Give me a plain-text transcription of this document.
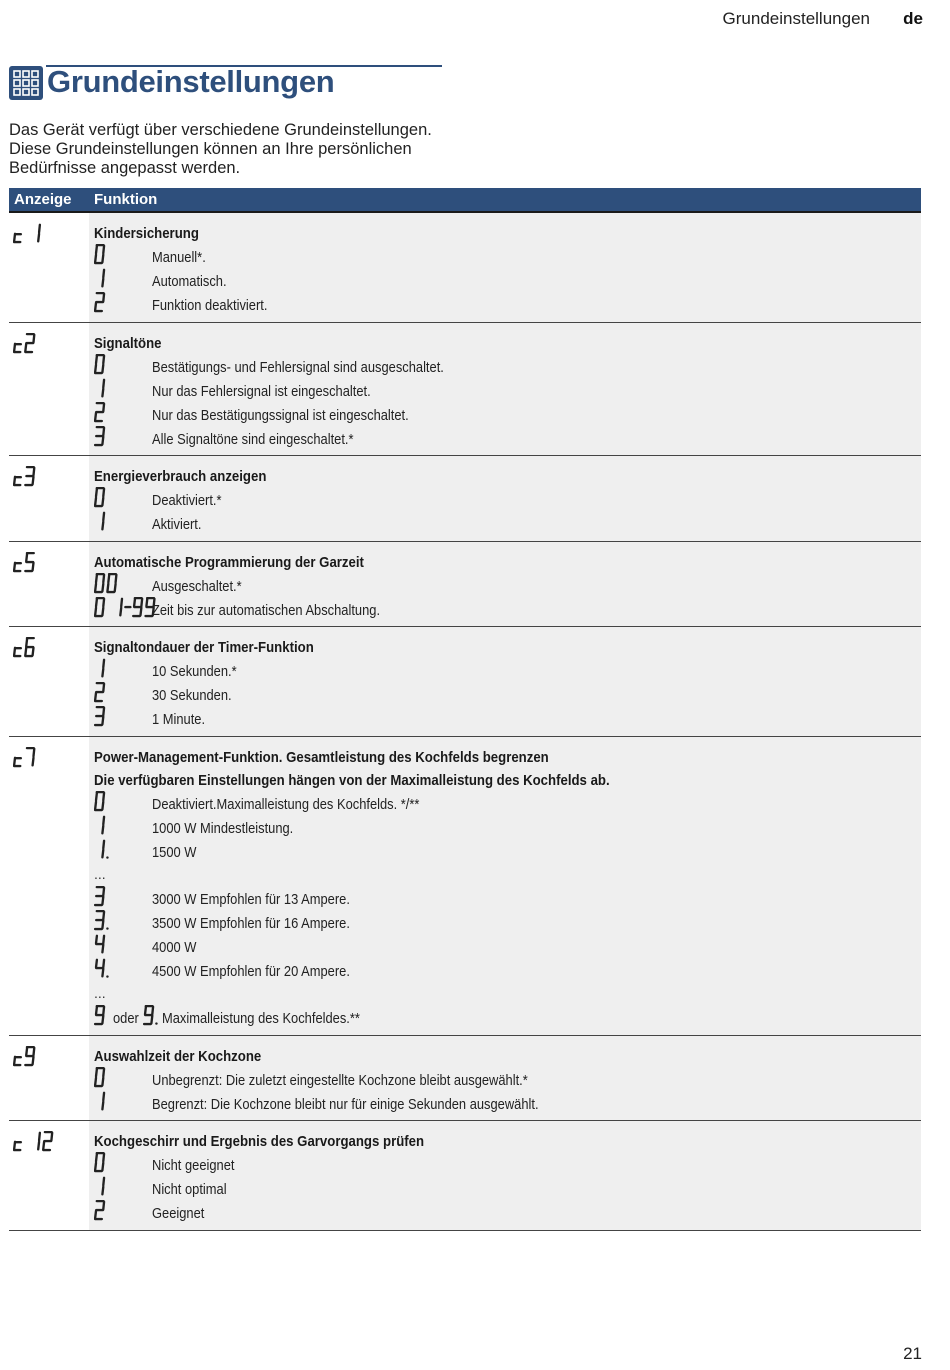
Grundeinstellungen de
Grundeinstellungen
Das Gerät verfügt über verschiedene Grundeinstellungen. Diese Grundeinstellungen können an Ihre persönlichen Bedürfnisse angepasst werden.
Anzeige	Funktion
Kindersicherung
Manuell*.
Automatisch.
Funktion deaktiviert.
Signaltöne
Bestätigungs- und Fehlersignal sind ausgeschaltet.
Nur das Fehlersignal ist eingeschaltet.
Nur das Bestätigungssignal ist eingeschaltet.
Alle Signaltöne sind eingeschaltet.*
Energieverbrauch anzeigen
Deaktiviert.*
Aktiviert.
Automatische Programmierung der Garzeit
Ausgeschaltet.*
Zeit bis zur automatischen Abschaltung.
Signaltondauer der Timer-Funktion
10 Sekunden.*
30 Sekunden.
1 Minute.
Power-Management-Funktion. Gesamtleistung des Kochfelds begrenzen
Die verfügbaren Einstellungen hängen von der Maximalleistung des Kochfelds ab.
Deaktiviert.Maximalleistung des Kochfelds. */**
1000 W Mindestleistung.
1500 W
...
3000 W Empfohlen für 13 Ampere.
3500 W Empfohlen für 16 Ampere.
4000 W
4500 W Empfohlen für 20 Ampere.
...
oder Maximalleistung des Kochfeldes.**
Auswahlzeit der Kochzone
Unbegrenzt: Die zuletzt eingestellte Kochzone bleibt ausgewählt.*
Begrenzt: Die Kochzone bleibt nur für einige Sekunden ausgewählt.
Kochgeschirr und Ergebnis des Garvorgangs prüfen
Nicht geeignet
Nicht optimal
Geeignet
21
